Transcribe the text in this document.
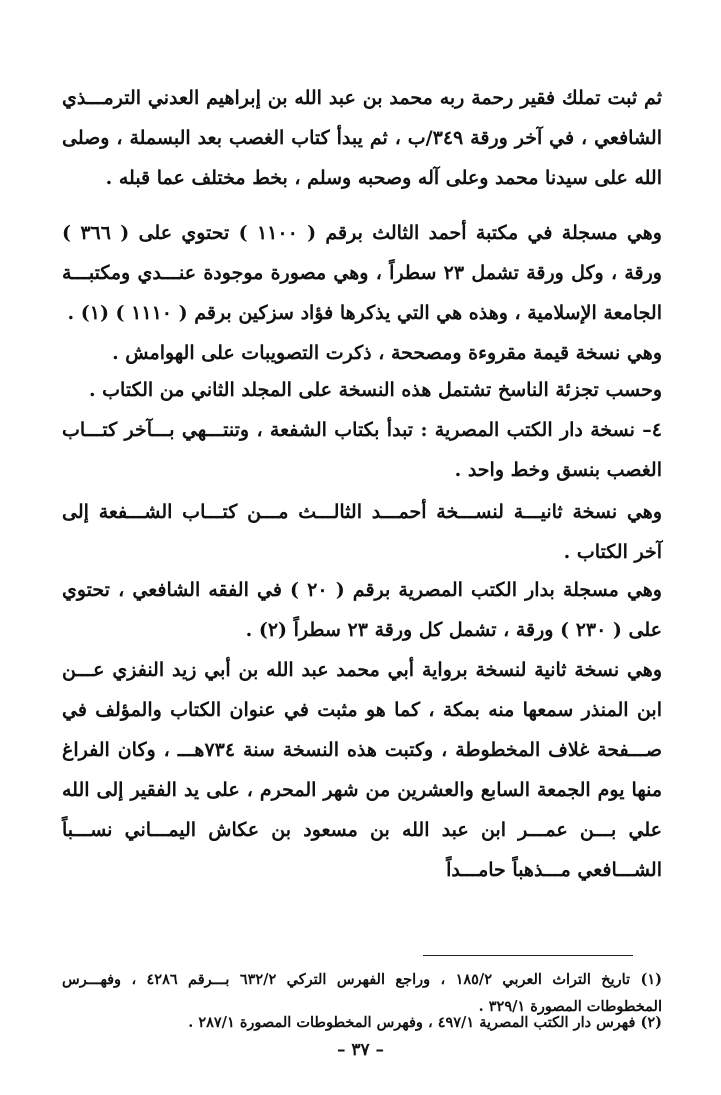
ثم ثبت تملك فقير رحمة ربه محمد بن عبد الله بن إبراهيم العدني الترمـــذي الشافعي ، في آخر ورقة ٣٤٩/ب ، ثم يبدأ كتاب الغصب بعد البسملة ، وصلى الله على سيدنا محمد وعلى آله وصحبه وسلم ، بخط مختلف عما قبله .

وهي مسجلة في مكتبة أحمد الثالث برقم ( ١١٠٠ ) تحتوي على ( ٣٦٦ ) ورقة ، وكل ورقة تشمل ٢٣ سطراً ، وهي مصورة موجودة عنـــدي ومكتبـــة الجامعة الإسلامية ، وهذه هي التي يذكرها فؤاد سزكين برقم ( ١١١٠ ) (١) .

وهي نسخة قيمة مقروءة ومصححة ، ذكرت التصويبات على الهوامش .

وحسب تجزئة الناسخ تشتمل هذه النسخة على المجلد الثاني من الكتاب .

٤– نسخة دار الكتب المصرية : تبدأ بكتاب الشفعة ، وتنتـــهي بـــآخر كتـــاب الغصب بنسق وخط واحد .

وهي نسخة ثانيـــة لنســـخة أحمـــد الثالـــث مـــن كتـــاب الشـــفعة إلى آخر الكتاب .

وهي مسجلة بدار الكتب المصرية برقم ( ٢٠ ) في الفقه الشافعي ، تحتوي على ( ٢٣٠ ) ورقة ، تشمل كل ورقة ٢٣ سطراً (٢) .

وهي نسخة ثانية لنسخة برواية أبي محمد عبد الله بن أبي زيد النفزي عـــن ابن المنذر سمعها منه بمكة ، كما هو مثبت في عنوان الكتاب والمؤلف في صـــفحة غلاف المخطوطة ، وكتبت هذه النسخة سنة ٧٣٤هـــ ، وكان الفراغ منها يوم الجمعة السابع والعشرين من شهر المحرم ، على يد الفقير إلى الله علي بـــن عمـــر ابن عبد الله بن مسعود بن عكاش اليمـــاني نســـباً الشـــافعي مـــذهباً حامـــداً

(١) تاريخ التراث العربي ١٨٥/٢ ، وراجع الفهرس التركي ٦٣٢/٢ بـــرقم ٤٢٨٦ ، وفهـــرس المخطوطات المصورة ٣٢٩/١ .

(٢) فهرس دار الكتب المصرية ٤٩٧/١ ، وفهرس المخطوطات المصورة ٢٨٧/١ .

– ٣٧ –
